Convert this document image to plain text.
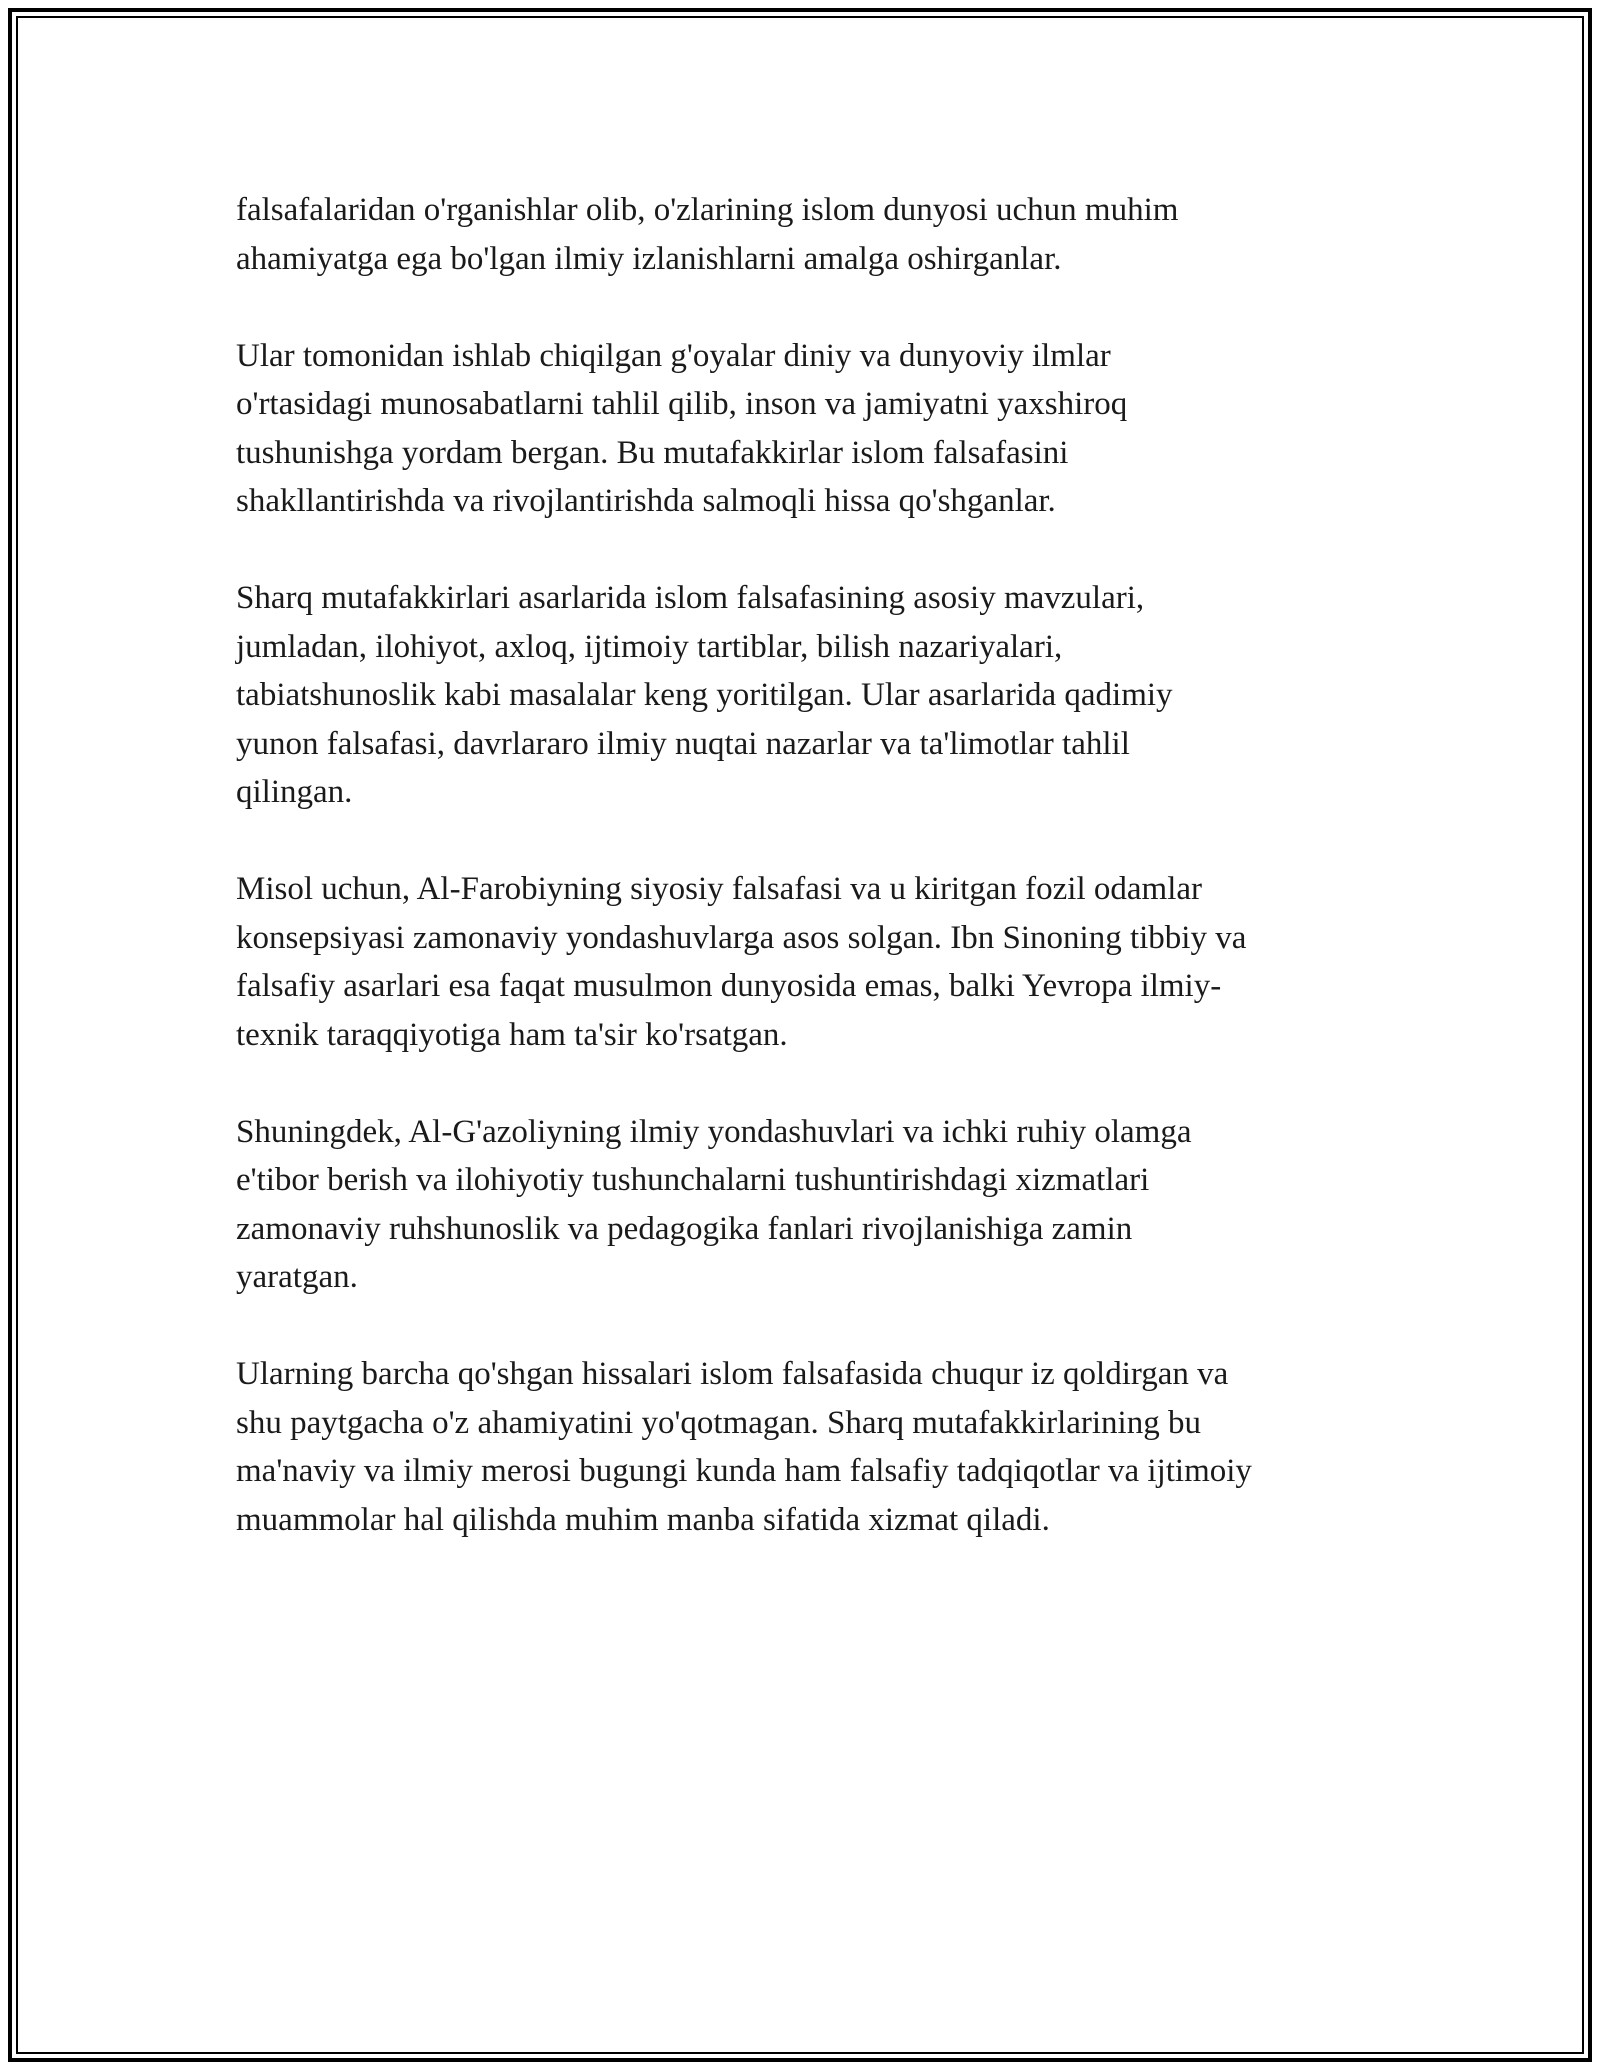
falsafalaridan o'rganishlar olib, o'zlarining islom dunyosi uchun muhim
ahamiyatga ega bo'lgan ilmiy izlanishlarni amalga oshirganlar.

Ular tomonidan ishlab chiqilgan g'oyalar diniy va dunyoviy ilmlar
o'rtasidagi munosabatlarni tahlil qilib, inson va jamiyatni yaxshiroq
tushunishga yordam bergan. Bu mutafakkirlar islom falsafasini
shakllantirishda va rivojlantirishda salmoqli hissa qo'shganlar.

Sharq mutafakkirlari asarlarida islom falsafasining asosiy mavzulari,
jumladan, ilohiyot, axloq, ijtimoiy tartiblar, bilish nazariyalari,
tabiatshunoslik kabi masalalar keng yoritilgan. Ular asarlarida qadimiy
yunon falsafasi, davrlararo ilmiy nuqtai nazarlar va ta'limotlar tahlil
qilingan.

Misol uchun, Al-Farobiyning siyosiy falsafasi va u kiritgan fozil odamlar
konsepsiyasi zamonaviy yondashuvlarga asos solgan. Ibn Sinoning tibbiy va
falsafiy asarlari esa faqat musulmon dunyosida emas, balki Yevropa ilmiy-
texnik taraqqiyotiga ham ta'sir ko'rsatgan.

Shuningdek, Al-G'azoliyning ilmiy yondashuvlari va ichki ruhiy olamga
e'tibor berish va ilohiyotiy tushunchalarni tushuntirishdagi xizmatlari
zamonaviy ruhshunoslik va pedagogika fanlari rivojlanishiga zamin
yaratgan.

Ularning barcha qo'shgan hissalari islom falsafasida chuqur iz qoldirgan va
shu paytgacha o'z ahamiyatini yo'qotmagan. Sharq mutafakkirlarining bu
ma'naviy va ilmiy merosi bugungi kunda ham falsafiy tadqiqotlar va ijtimoiy
muammolar hal qilishda muhim manba sifatida xizmat qiladi.
